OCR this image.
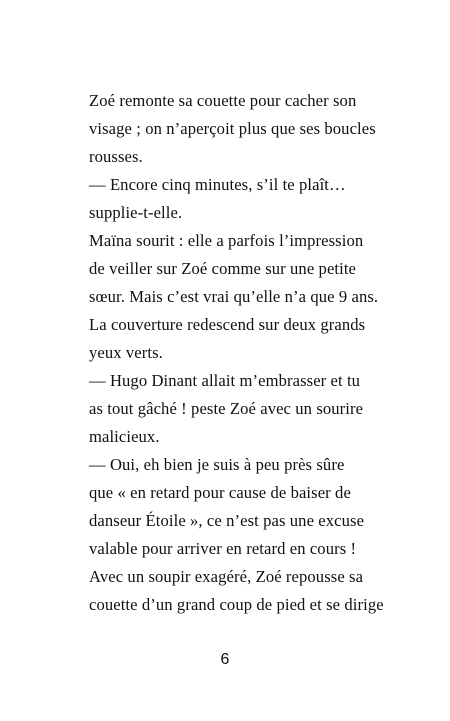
Zoé remonte sa couette pour cacher son
visage ; on n’aperçoit plus que ses boucles
rousses.
— Encore cinq minutes, s’il te plaît…
supplie-t-elle.
Maïna sourit : elle a parfois l’impression
de veiller sur Zoé comme sur une petite
sœur. Mais c’est vrai qu’elle n’a que 9 ans.
La couverture redescend sur deux grands
yeux verts.
— Hugo Dinant allait m’embrasser et tu
as tout gâché ! peste Zoé avec un sourire
malicieux.
— Oui, eh bien je suis à peu près sûre
que « en retard pour cause de baiser de
danseur Étoile », ce n’est pas une excuse
valable pour arriver en retard en cours !
Avec un soupir exagéré, Zoé repousse sa
couette d’un grand coup de pied et se dirige
6
